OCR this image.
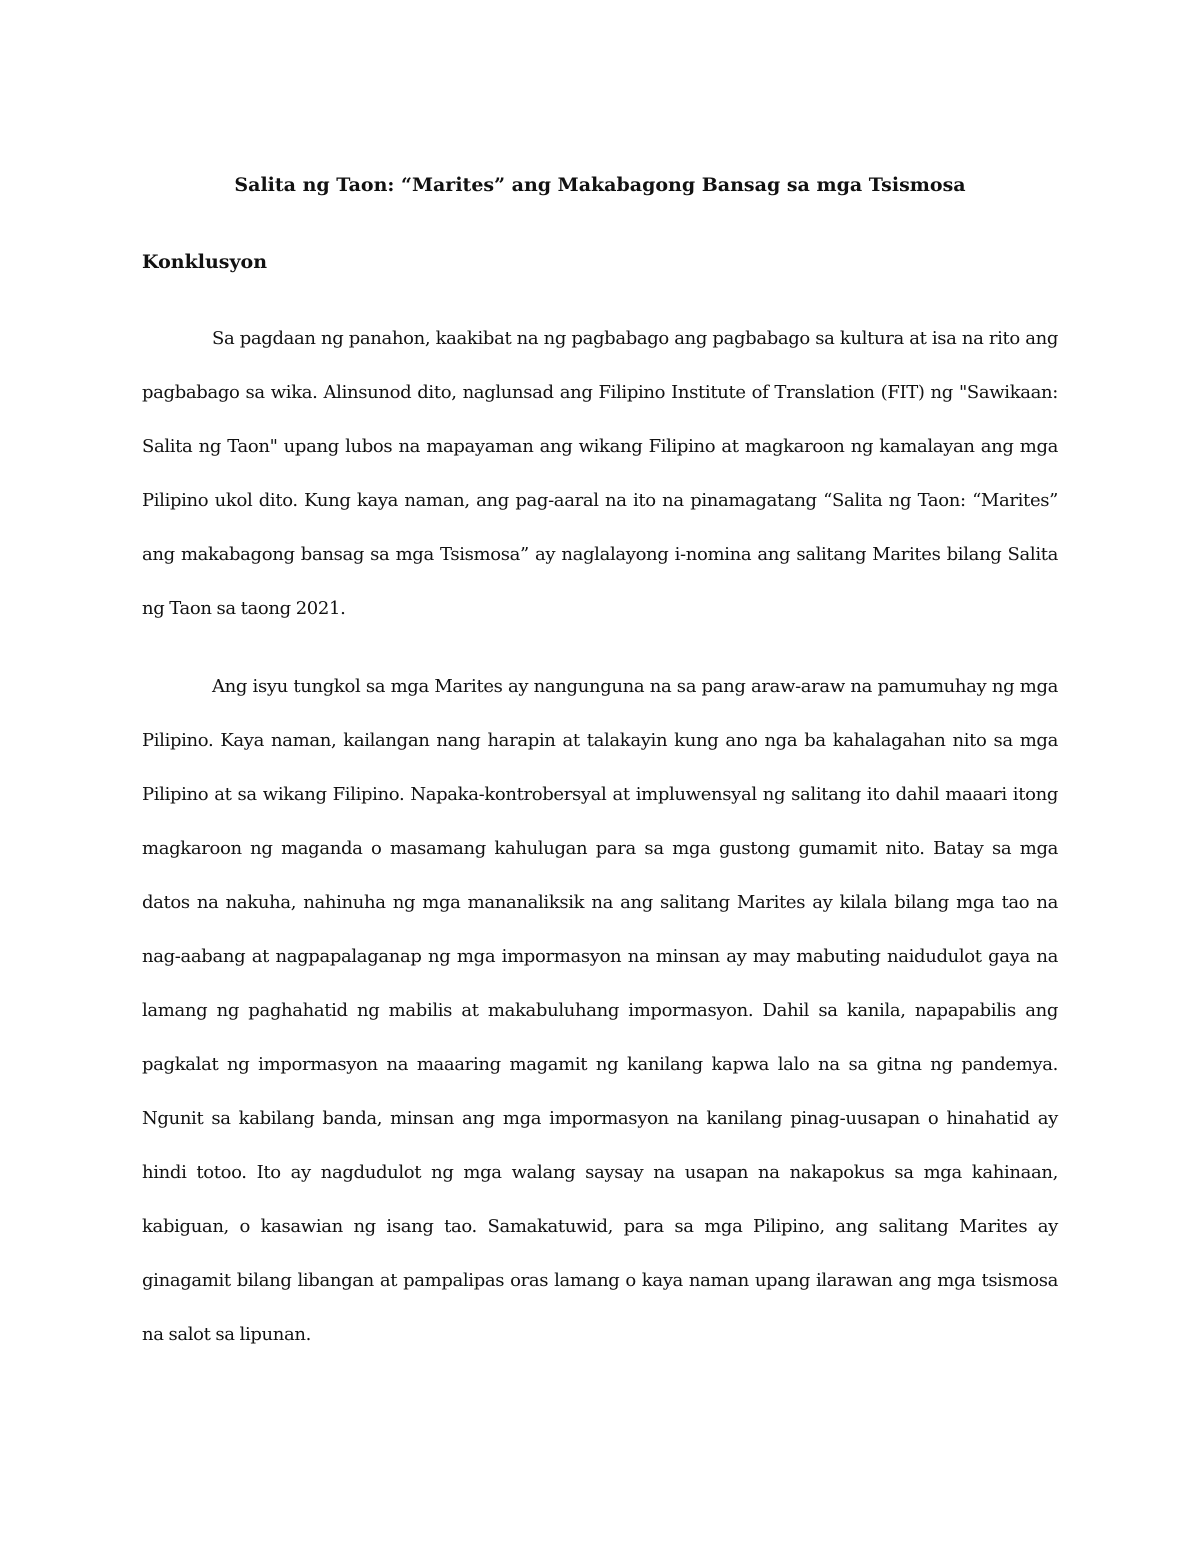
Salita ng Taon: “Marites” ang Makabagong Bansag sa mga Tsismosa
Konklusyon

Sa pagdaan ng panahon, kaakibat na ng pagbabago ang pagbabago sa kultura at isa na rito ang pagbabago sa wika. Alinsunod dito, naglunsad ang Filipino Institute of Translation (FIT) ng "Sawikaan: Salita ng Taon" upang lubos na mapayaman ang wikang Filipino at magkaroon ng kamalayan ang mga Pilipino ukol dito. Kung kaya naman, ang pag-aaral na ito na pinamagatang “Salita ng Taon: “Marites” ang makabagong bansag sa mga Tsismosa” ay naglalayong i-nomina ang salitang Marites bilang Salita ng Taon sa taong 2021.

Ang isyu tungkol sa mga Marites ay nangunguna na sa pang araw-araw na pamumuhay ng mga Pilipino. Kaya naman, kailangan nang harapin at talakayin kung ano nga ba kahalagahan nito sa mga Pilipino at sa wikang Filipino. Napaka-kontrobersyal at impluwensyal ng salitang ito dahil maaari itong magkaroon ng maganda o masamang kahulugan para sa mga gustong gumamit nito. Batay sa mga datos na nakuha, nahinuha ng mga mananaliksik na ang salitang Marites ay kilala bilang mga tao na nag-aabang at nagpapalaganap ng mga impormasyon na minsan ay may mabuting naidudulot gaya na lamang ng paghahatid ng mabilis at makabuluhang impormasyon. Dahil sa kanila, napapabilis ang pagkalat ng impormasyon na maaaring magamit ng kanilang kapwa lalo na sa gitna ng pandemya. Ngunit sa kabilang banda, minsan ang mga impormasyon na kanilang pinag-uusapan o hinahatid ay hindi totoo. Ito ay nagdudulot ng mga walang saysay na usapan na nakapokus sa mga kahinaan, kabiguan, o kasawian ng isang tao. Samakatuwid, para sa mga Pilipino, ang salitang Marites ay ginagamit bilang libangan at pampalipas oras lamang o kaya naman upang ilarawan ang mga tsismosa na salot sa lipunan.
